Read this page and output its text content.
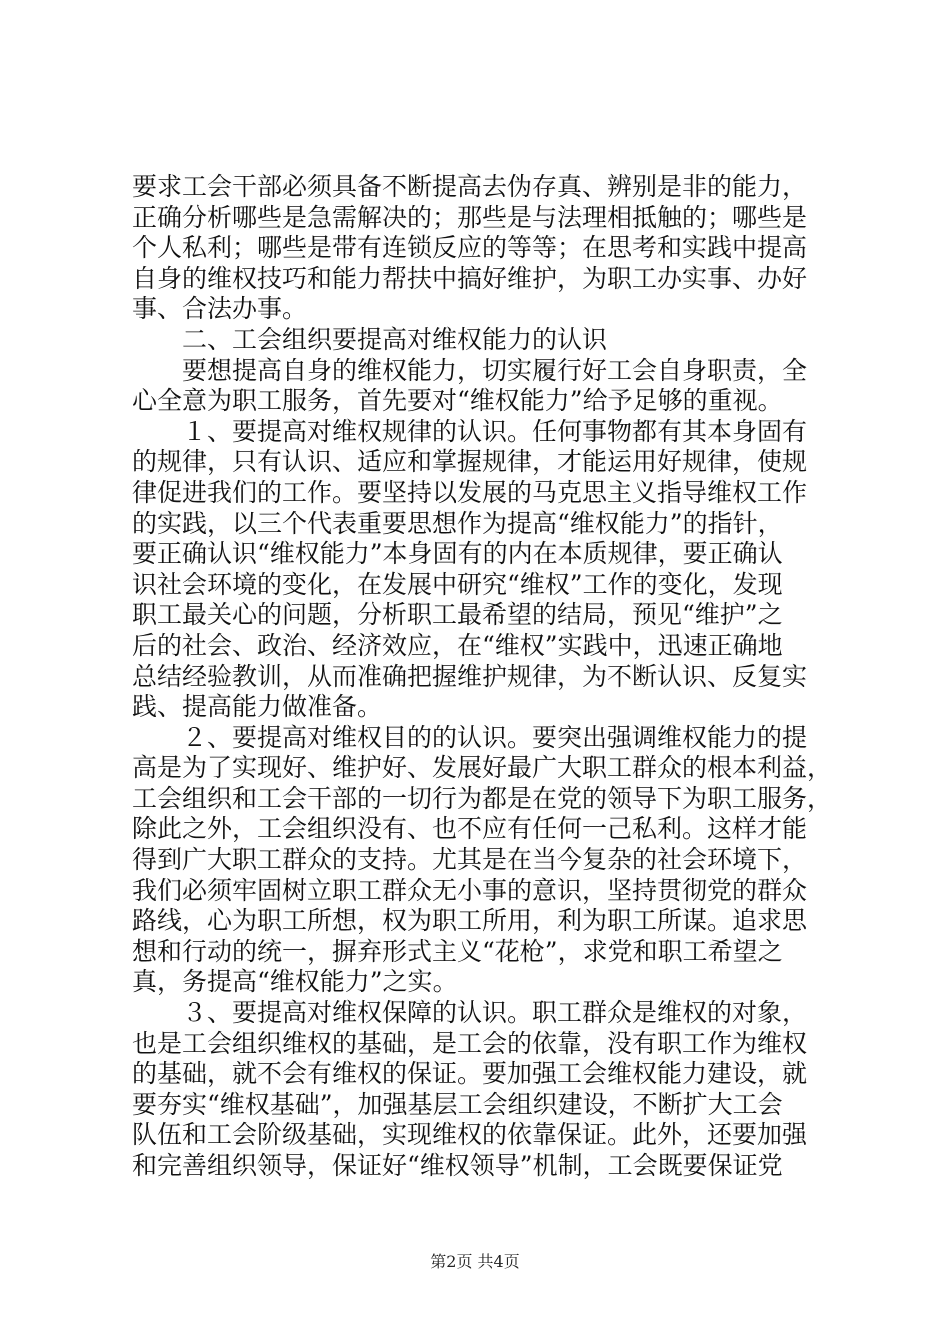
要求工会干部必须具备不断提高去伪存真、辨别是非的能力，
正确分析哪些是急需解决的；那些是与法理相抵触的；哪些是
个人私利；哪些是带有连锁反应的等等；在思考和实践中提高
自身的维权技巧和能力帮扶中搞好维护，为职工办实事、办好
事、合法办事。
　　二、工会组织要提高对维权能力的认识
　　要想提高自身的维权能力，切实履行好工会自身职责，全
心全意为职工服务，首先要对“维权能力”给予足够的重视。
　　１、要提高对维权规律的认识。任何事物都有其本身固有
的规律，只有认识、适应和掌握规律，才能运用好规律，使规
律促进我们的工作。要坚持以发展的马克思主义指导维权工作
的实践，以三个代表重要思想作为提高“维权能力”的指针，
要正确认识“维权能力”本身固有的内在本质规律，要正确认
识社会环境的变化，在发展中研究“维权”工作的变化，发现
职工最关心的问题，分析职工最希望的结局，预见“维护”之
后的社会、政治、经济效应，在“维权”实践中，迅速正确地
总结经验教训，从而准确把握维护规律，为不断认识、反复实
践、提高能力做准备。
　　２、要提高对维权目的的认识。要突出强调维权能力的提
高是为了实现好、维护好、发展好最广大职工群众的根本利益，
工会组织和工会干部的一切行为都是在党的领导下为职工服务，
除此之外，工会组织没有、也不应有任何一己私利。这样才能
得到广大职工群众的支持。尤其是在当今复杂的社会环境下，
我们必须牢固树立职工群众无小事的意识，坚持贯彻党的群众
路线，心为职工所想，权为职工所用，利为职工所谋。追求思
想和行动的统一，摒弃形式主义“花枪”，求党和职工希望之
真，务提高“维权能力”之实。
　　３、要提高对维权保障的认识。职工群众是维权的对象，
也是工会组织维权的基础，是工会的依靠，没有职工作为维权
的基础，就不会有维权的保证。要加强工会维权能力建设，就
要夯实“维权基础”，加强基层工会组织建设，不断扩大工会
队伍和工会阶级基础，实现维权的依靠保证。此外，还要加强
和完善组织领导，保证好“维权领导”机制，工会既要保证党
第2页 共4页
